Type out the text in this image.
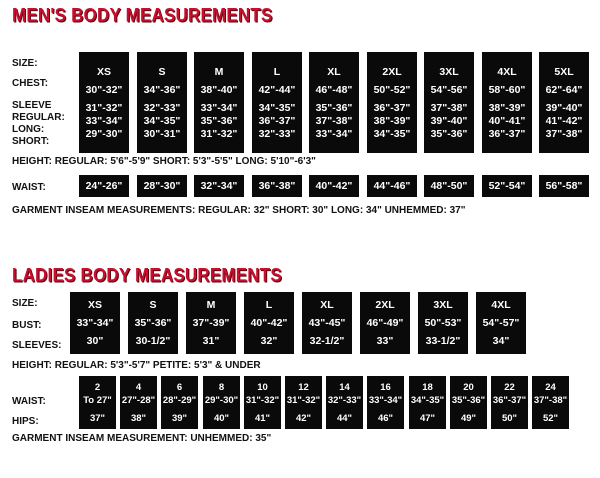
MEN'S BODY MEASUREMENTS
SIZE:
CHEST:
SLEEVE
REGULAR:
LONG:
SHORT:
XS
30"-32"
31"-32"
33"-34"
29"-30"
S
34"-36"
32"-33"
34"-35"
30"-31"
M
38"-40"
33"-34"
35"-36"
31"-32"
L
42"-44"
34"-35"
36"-37"
32"-33"
XL
46"-48"
35"-36"
37"-38"
33"-34"
2XL
50"-52"
36"-37"
38"-39"
34"-35"
3XL
54"-56"
37"-38"
39"-40"
35"-36"
4XL
58"-60"
38"-39"
40"-41"
36"-37"
5XL
62"-64"
39"-40"
41"-42"
37"-38"
HEIGHT: REGULAR: 5'6"-5'9" SHORT: 5'3"-5'5" LONG: 5'10"-6'3"
WAIST:	24"-26" 28"-30" 32"-34" 36"-38" 40"-42" 44"-46" 48"-50" 52"-54" 56"-58"
GARMENT INSEAM MEASUREMENTS: REGULAR: 32" SHORT: 30" LONG: 34" UNHEMMED: 37"
LADIES BODY MEASUREMENTS
SIZE:
BUST:
SLEEVES:
XS
33"-34"
30"
S
35"-36"
30-1/2"
M
37"-39"
31"
L
40"-42"
32"
XL
43"-45"
32-1/2"
2XL
46"-49"
33"
3XL
50"-53"
33-1/2"
4XL
54"-57"
34"
HEIGHT: REGULAR: 5'3"-5'7" PETITE: 5'3" & UNDER
WAIST:
HIPS:
2
To 27"
37"
4
27"-28"
38"
6
28"-29"
39"
8
29"-30"
40"
10
31"-32"
41"
12
31"-32"
42"
14
32"-33"
44"
16
33"-34"
46"
18
34"-35"
47"
20
35"-36"
49"
22
36"-37"
50"
24
37"-38"
52"
GARMENT INSEAM MEASUREMENT: UNHEMMED: 35"
